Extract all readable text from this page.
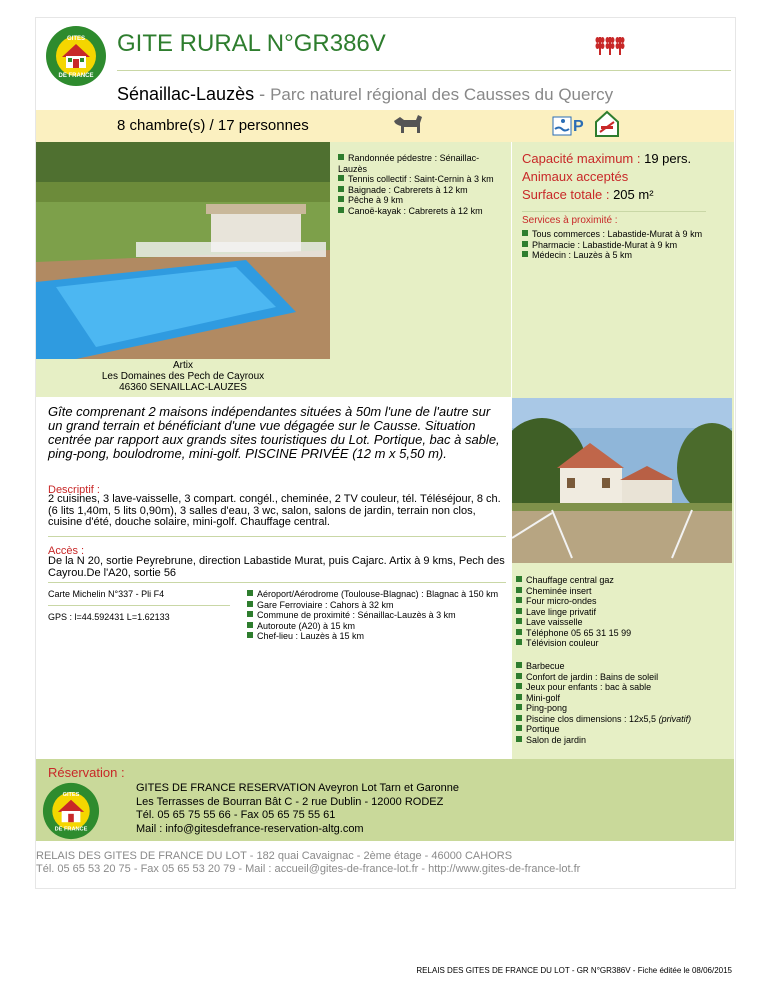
DE FRANCE
GITES GITE RURAL N°GR386V
Sénaillac-Lauzès - Parc naturel régional des Causses du Quercy
8 chambre(s) / 17 personnes	P
Artix
Les Domaines des Pech de Cayroux
46360 SENAILLAC-LAUZES
Randonnée pédestre : Sénaillac-Lauzès
Tennis collectif : Saint-Cernin à 3 km
Baignade : Cabrerets à 12 km
Pêche à 9 km
Canoë-kayak : Cabrerets à 12 km
Capacité maximum : 19 pers.
Animaux acceptés
Surface totale : 205 m²
Services à proximité :
Tous commerces : Labastide-Murat à 9 km
Pharmacie : Labastide-Murat à 9 km
Médecin : Lauzès à 5 km
Gîte comprenant 2 maisons indépendantes situées à 50m l'une de l'autre sur un grand terrain et bénéficiant d'une vue dégagée sur le Causse. Situation centrée par rapport aux grands sites touristiques du Lot. Portique, bac à sable, ping-pong, boulodrome, mini-golf. PISCINE PRIVÉE (12 m x 5,50 m).
Descriptif :
2 cuisines, 3 lave-vaisselle, 3 compart. congél., cheminée, 2 TV couleur, tél. Téléséjour, 8 ch. (6 lits 1,40m, 5 lits 0,90m), 3 salles d'eau, 3 wc, salon, salons de jardin, terrain non clos, cuisine d'été, douche solaire, mini-golf. Chauffage central.
Accès :
De la N 20, sortie Peyrebrune, direction Labastide Murat, puis Cajarc. Artix à 9 kms, Pech des Cayrou.De l'A20, sortie 56
Carte Michelin N°337 - Pli F4
GPS : l=44.592431 L=1.62133
Aéroport/Aérodrome (Toulouse-Blagnac) : Blagnac à 150 km
Gare Ferroviaire : Cahors à 32 km
Commune de proximité : Sénaillac-Lauzès à 3 km
Autoroute (A20) à 15 km
Chef-lieu : Lauzès à 15 km
Chauffage central gaz
Cheminée insert
Four micro-ondes
Lave linge privatif
Lave vaisselle
Téléphone 05 65 31 15 99
Télévision couleur
Barbecue
Confort de jardin : Bains de soleil
Jeux pour enfants : bac à sable
Mini-golf
Ping-pong
Piscine clos dimensions : 12x5,5 (privatif)
Portique
Salon de jardin
Réservation :
DE FRANCE
GITES
GITES DE FRANCE RESERVATION Aveyron Lot Tarn et Garonne
Les Terrasses de Bourran Bât C - 2 rue Dublin - 12000 RODEZ
Tél. 05 65 75 55 66 - Fax 05 65 75 55 61
Mail : info@gitesdefrance-reservation-altg.com
RELAIS DES GITES DE FRANCE DU LOT - 182 quai Cavaignac - 2ème étage - 46000 CAHORS
Tél. 05 65 53 20 75 - Fax 05 65 53 20 79 - Mail : accueil@gites-de-france-lot.fr - http://www.gites-de-france-lot.fr
RELAIS DES GITES DE FRANCE DU LOT - GR N°GR386V - Fiche éditée le 08/06/2015
